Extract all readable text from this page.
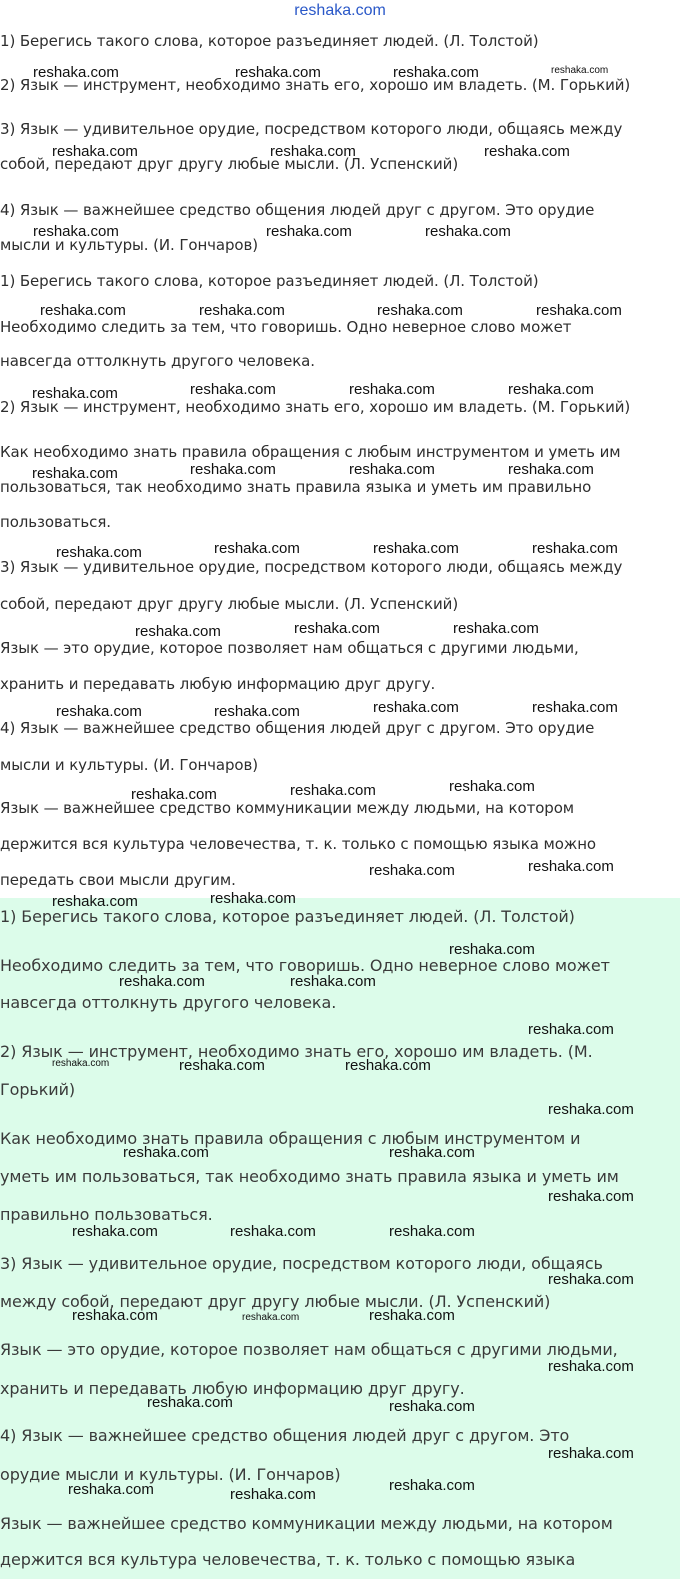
reshaka.com

1) Берегись такого слова, которое разъединяет людей. (Л. Толстой)

2) Язык — инструмент, необходимо знать его, хорошо им владеть. (М. Горький)

3) Язык — удивительное орудие, посредством которого люди, общаясь между

собой, передают друг другу любые мысли. (Л. Успенский)

4) Язык — важнейшее средство общения людей друг с другом. Это орудие

мысли и культуры. (И. Гончаров)

1) Берегись такого слова, которое разъединяет людей. (Л. Толстой)

Необходимо следить за тем, что говоришь. Одно неверное слово может

навсегда оттолкнуть другого человека.

2) Язык — инструмент, необходимо знать его, хорошо им владеть. (М. Горький)

Как необходимо знать правила обращения с любым инструментом и уметь им

пользоваться, так необходимо знать правила языка и уметь им правильно

пользоваться.

3) Язык — удивительное орудие, посредством которого люди, общаясь между

собой, передают друг другу любые мысли. (Л. Успенский)

Язык — это орудие, которое позволяет нам общаться с другими людьми,

хранить и передавать любую информацию друг другу.

4) Язык — важнейшее средство общения людей друг с другом. Это орудие

мысли и культуры. (И. Гончаров)

Язык — важнейшее средство коммуникации между людьми, на котором

держится вся культура человечества, т. к. только с помощью языка можно

передать свои мысли другим.

1) Берегись такого слова, которое разъединяет людей. (Л. Толстой)

Необходимо следить за тем, что говоришь. Одно неверное слово может

навсегда оттолкнуть другого человека.

2) Язык — инструмент, необходимо знать его, хорошо им владеть. (М.

Горький)

Как необходимо знать правила обращения с любым инструментом и

уметь им пользоваться, так необходимо знать правила языка и уметь им

правильно пользоваться.

3) Язык — удивительное орудие, посредством которого люди, общаясь

между собой, передают друг другу любые мысли. (Л. Успенский)

Язык — это орудие, которое позволяет нам общаться с другими людьми,

хранить и передавать любую информацию друг другу.

4) Язык — важнейшее средство общения людей друг с другом. Это

орудие мысли и культуры. (И. Гончаров)

Язык — важнейшее средство коммуникации между людьми, на котором

держится вся культура человечества, т. к. только с помощью языка

reshaka.com	reshaka.com	reshaka.com	reshaka.com
reshaka.com	reshaka.com	reshaka.com
reshaka.com	reshaka.com	reshaka.com
reshaka.com	reshaka.com	reshaka.com	reshaka.com
reshaka.com	reshaka.com	reshaka.com	reshaka.com
reshaka.com	reshaka.com	reshaka.com	reshaka.com
reshaka.com	reshaka.com	reshaka.com	reshaka.com
reshaka.com	reshaka.com	reshaka.com
reshaka.com	reshaka.com	reshaka.com	reshaka.com
reshaka.com	reshaka.com	reshaka.com
reshaka.com	reshaka.com
reshaka.com	reshaka.com
reshaka.com
reshaka.com	reshaka.com
reshaka.com
reshaka.com	reshaka.com	reshaka.com
reshaka.com
reshaka.com	reshaka.com
reshaka.com
reshaka.com	reshaka.com	reshaka.com
reshaka.com
reshaka.com	reshaka.com	reshaka.com
reshaka.com
reshaka.com	reshaka.com
reshaka.com
reshaka.com	reshaka.com
reshaka.com
